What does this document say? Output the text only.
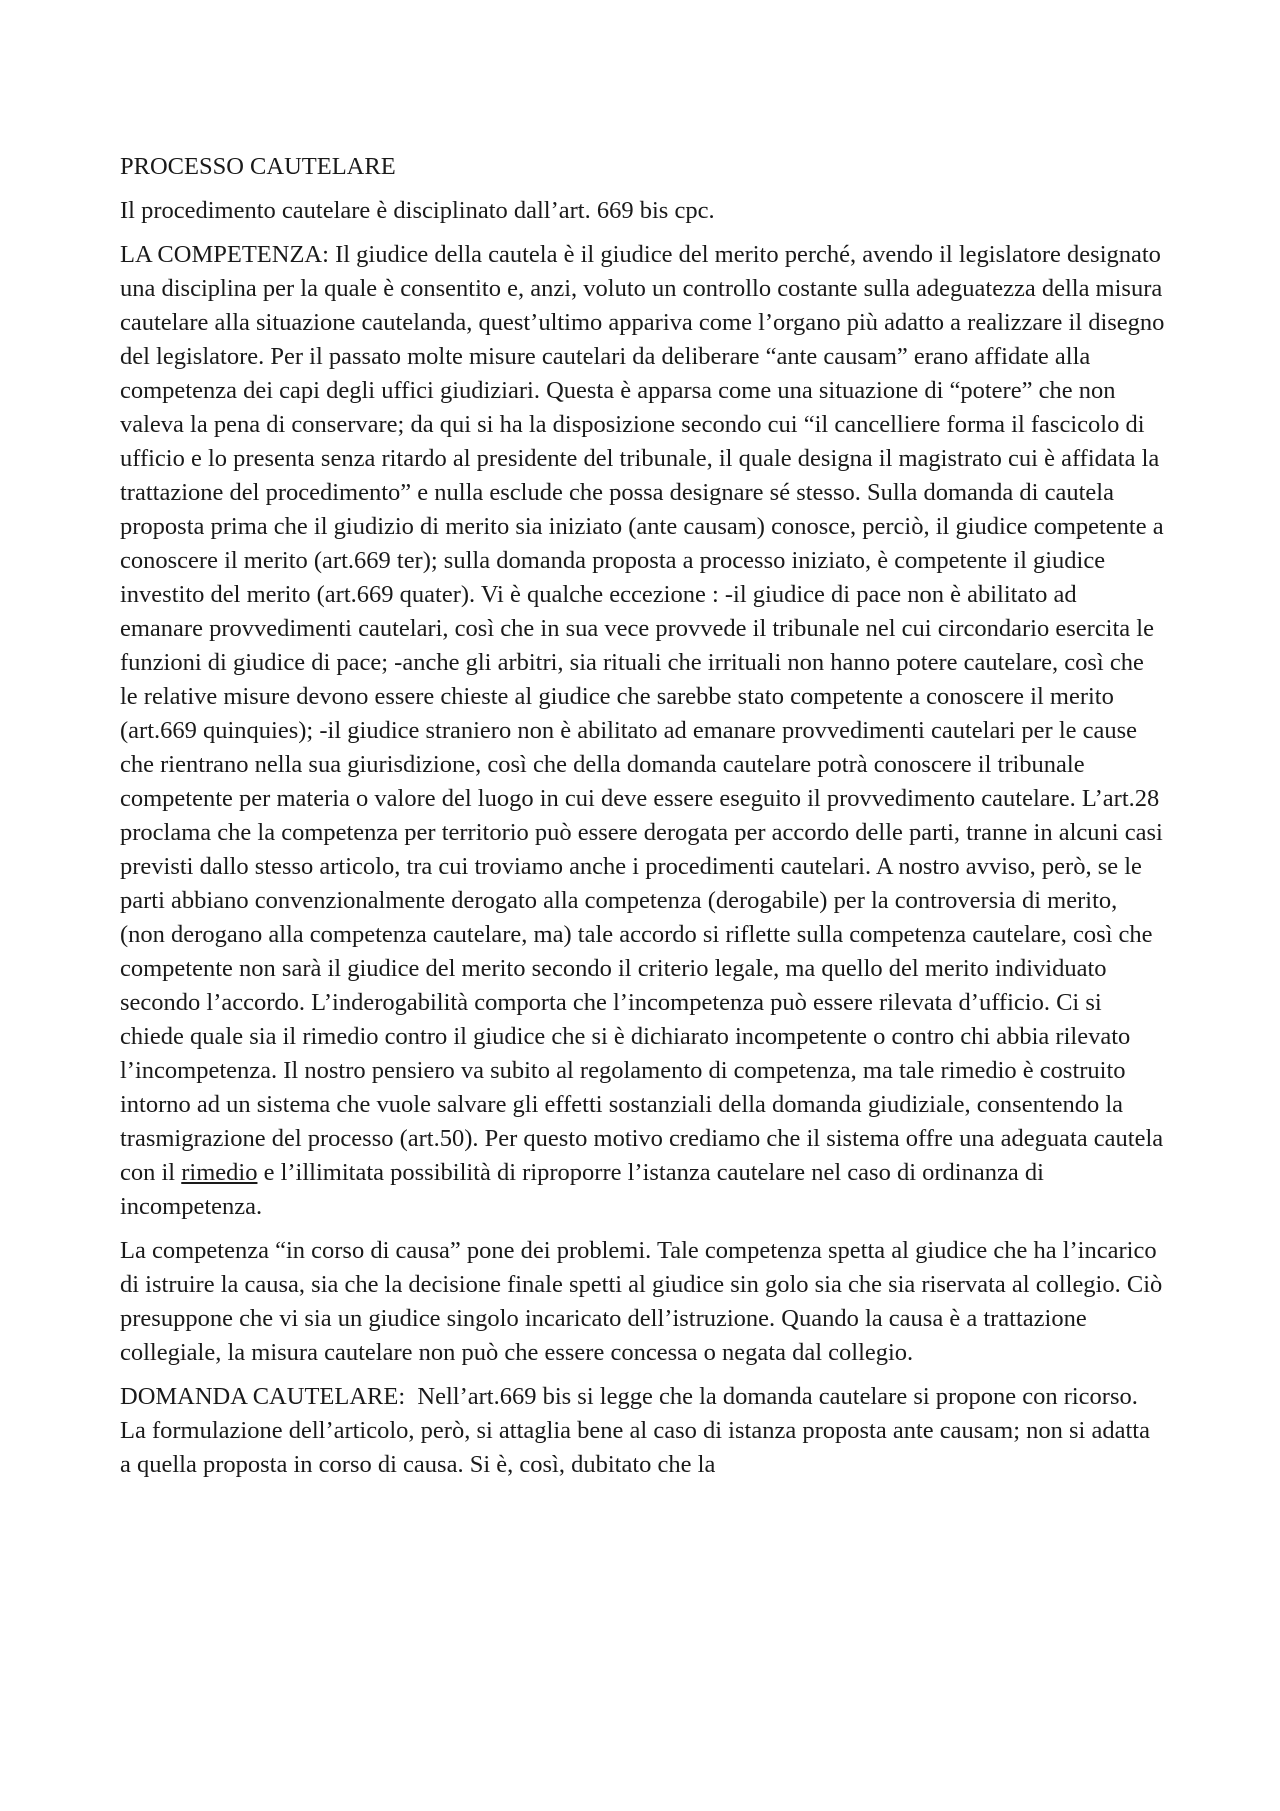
PROCESSO CAUTELARE

Il procedimento cautelare è disciplinato dall’art. 669 bis cpc.

LA COMPETENZA: Il giudice della cautela è il giudice del merito perché, avendo il legislatore designato una disciplina per la quale è consentito e, anzi, voluto un controllo costante sulla adeguatezza della misura cautelare alla situazione cautelanda, quest’ultimo appariva come l’organo più adatto a realizzare il disegno del legislatore. Per il passato molte misure cautelari da deliberare “ante causam” erano affidate alla competenza dei capi degli uffici giudiziari. Questa è apparsa come una situazione di “potere” che non valeva la pena di conservare; da qui si ha la disposizione secondo cui “il cancelliere forma il fascicolo di ufficio e lo presenta senza ritardo al presidente del tribunale, il quale designa il magistrato cui è affidata la trattazione del procedimento” e nulla esclude che possa designare sé stesso. Sulla domanda di cautela proposta prima che il giudizio di merito sia iniziato (ante causam) conosce, perciò, il giudice competente a conoscere il merito (art.669 ter); sulla domanda proposta a processo iniziato, è competente il giudice investito del merito (art.669 quater). Vi è qualche eccezione : -il giudice di pace non è abilitato ad emanare provvedimenti cautelari, così che in sua vece provvede il tribunale nel cui circondario esercita le funzioni di giudice di pace; -anche gli arbitri, sia rituali che irrituali non hanno potere cautelare, così che le relative misure devono essere chieste al giudice che sarebbe stato competente a conoscere il merito (art.669 quinquies); -il giudice straniero non è abilitato ad emanare provvedimenti cautelari per le cause che rientrano nella sua giurisdizione, così che della domanda cautelare potrà conoscere il tribunale competente per materia o valore del luogo in cui deve essere eseguito il provvedimento cautelare. L’art.28 proclama che la competenza per territorio può essere derogata per accordo delle parti, tranne in alcuni casi previsti dallo stesso articolo, tra cui troviamo anche i procedimenti cautelari. A nostro avviso, però, se le parti abbiano convenzionalmente derogato alla competenza (derogabile) per la controversia di merito, (non derogano alla competenza cautelare, ma) tale accordo si riflette sulla competenza cautelare, così che competente non sarà il giudice del merito secondo il criterio legale, ma quello del merito individuato secondo l’accordo. L’inderogabilità comporta che l’incompetenza può essere rilevata d’ufficio. Ci si chiede quale sia il rimedio contro il giudice che si è dichiarato incompetente o contro chi abbia rilevato l’incompetenza. Il nostro pensiero va subito al regolamento di competenza, ma tale rimedio è costruito intorno ad un sistema che vuole salvare gli effetti sostanziali della domanda giudiziale, consentendo la trasmigrazione del processo (art.50). Per questo motivo crediamo che il sistema offre una adeguata cautela con il rimedio e l’illimitata possibilità di riproporre l’istanza cautelare nel caso di ordinanza di incompetenza.

La competenza “in corso di causa” pone dei problemi. Tale competenza spetta al giudice che ha l’incarico di istruire la causa, sia che la decisione finale spetti al giudice sin golo sia che sia riservata al collegio. Ciò presuppone che vi sia un giudice singolo incaricato dell’istruzione. Quando la causa è a trattazione collegiale, la misura cautelare non può che essere concessa o negata dal collegio.

DOMANDA CAUTELARE:  Nell’art.669 bis si legge che la domanda cautelare si propone con ricorso. La formulazione dell’articolo, però, si attaglia bene al caso di istanza proposta ante causam; non si adatta a quella proposta in corso di causa. Si è, così, dubitato che la
